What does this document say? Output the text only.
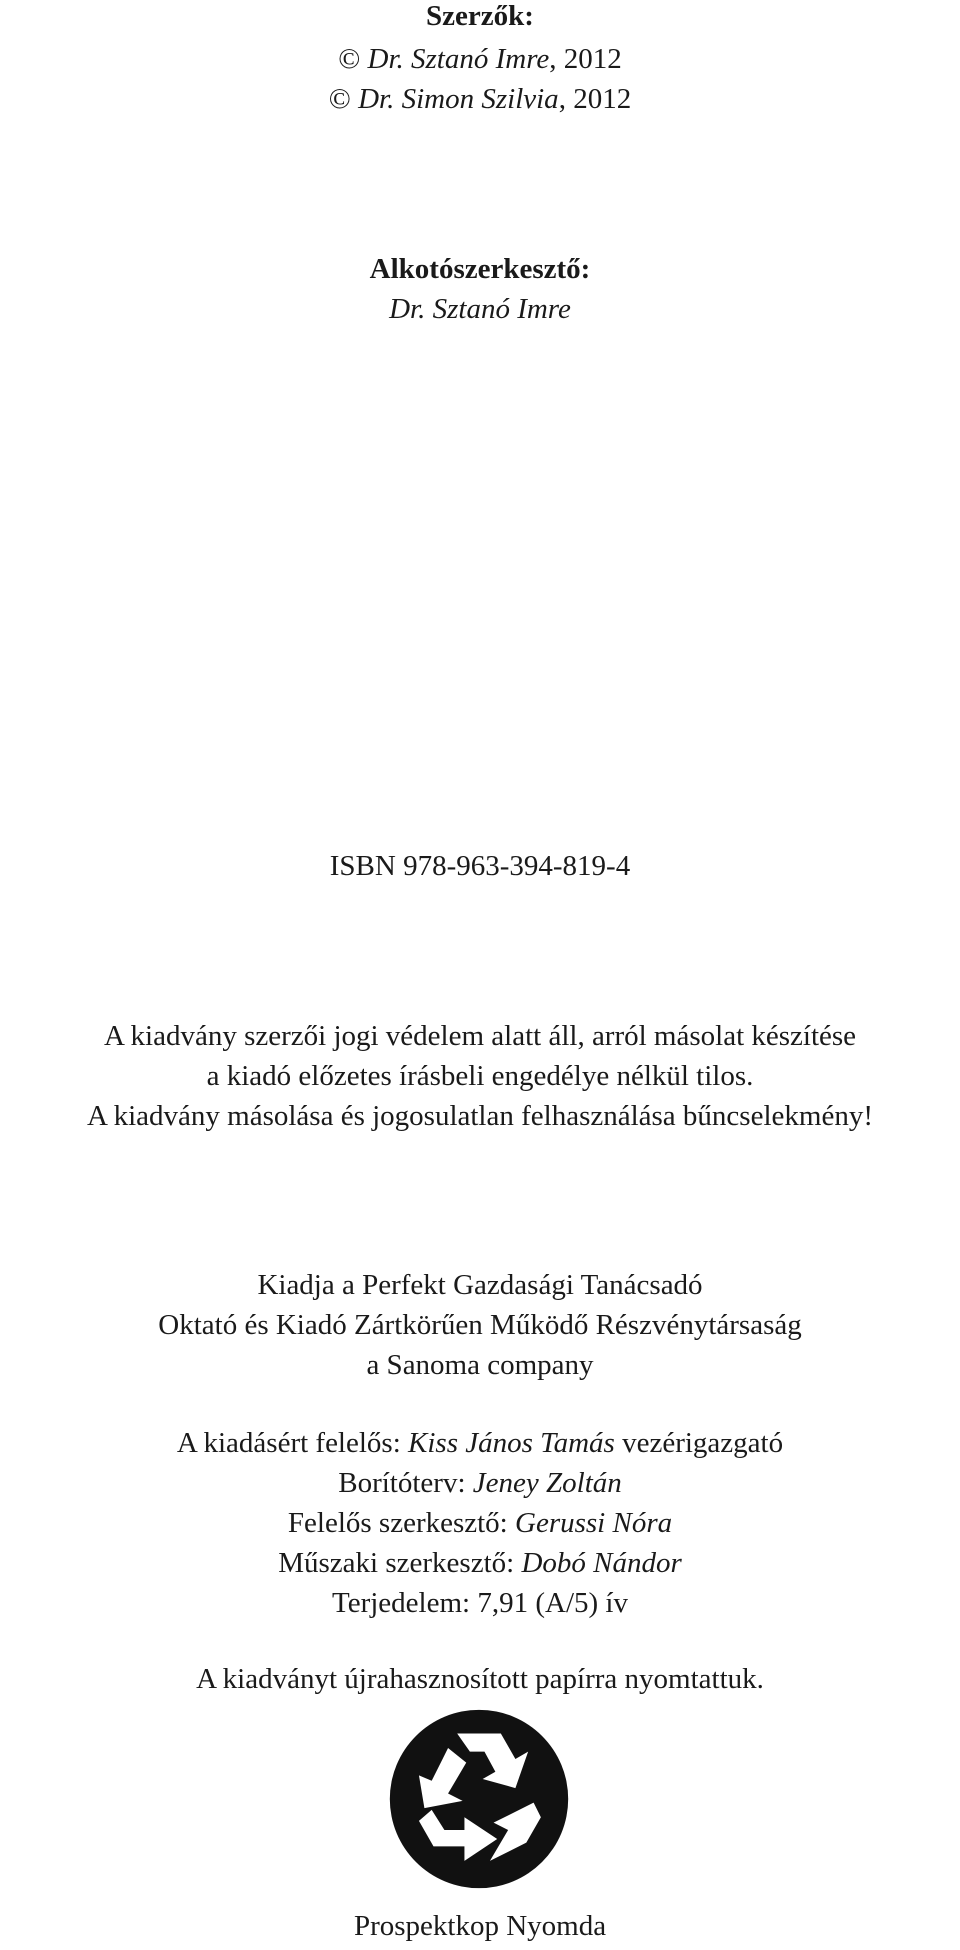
Szerzők:
© Dr. Sztanó Imre, 2012
© Dr. Simon Szilvia, 2012
Alkotószerkesztő:
Dr. Sztanó Imre
ISBN 978-963-394-819-4
A kiadvány szerzői jogi védelem alatt áll, arról másolat készítése
a kiadó előzetes írásbeli engedélye nélkül tilos.
A kiadvány másolása és jogosulatlan felhasználása bűncselekmény!
Kiadja a Perfekt Gazdasági Tanácsadó
Oktató és Kiadó Zártkörűen Működő Részvénytársaság
a Sanoma company
A kiadásért felelős: Kiss János Tamás vezérigazgató
Borítóterv: Jeney Zoltán
Felelős szerkesztő: Gerussi Nóra
Műszaki szerkesztő: Dobó Nándor
Terjedelem: 7,91 (A/5) ív
A kiadványt újrahasznosított papírra nyomtattuk.
Prospektkop Nyomda
